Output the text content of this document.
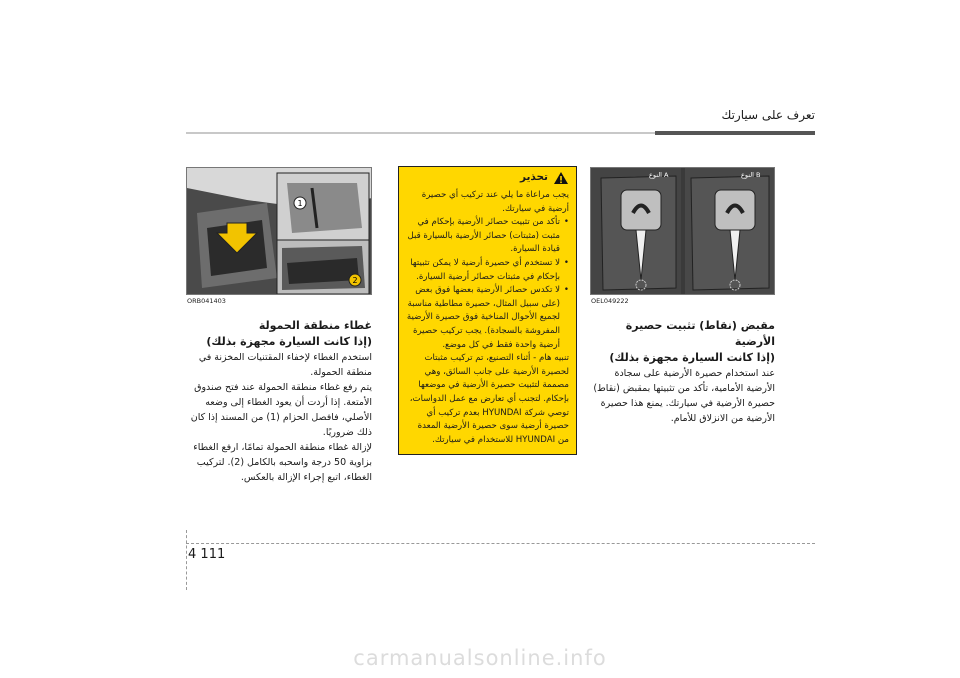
تعرف على سيارتك
1
2
ORB041403

غطاء منطقة الحمولة

(إذا كانت السيارة مجهزة بذلك)

استخدم الغطاء لإخفاء المقتنيات المخزنة في منطقة الحمولة.

يتم رفع غطاء منطقة الحمولة عند فتح صندوق الأمتعة. إذا أردت أن يعود الغطاء إلى وضعه الأصلي، فافصل الحزام (1) من المسند إذا كان ذلك ضروريًا.

لإزالة غطاء منطقة الحمولة تمامًا، ارفع الغطاء بزاوية 50 درجة واسحبه بالكامل (2). لتركيب الغطاء، اتبع إجراء الإزالة بالعكس.

تحذير

يجب مراعاة ما يلي عند تركيب أي حصيرة أرضية في سيارتك.

• تأكد من تثبيت حصائر الأرضية بإحكام في مثبت (مثبتات) حصائر الأرضية بالسيارة قبل قيادة السيارة.
• لا تستخدم أي حصيرة أرضية لا يمكن تثبيتها بإحكام في مثبتات حصائر أرضية السيارة.
• لا تكدس حصائر الأرضية بعضها فوق بعض (على سبيل المثال، حصيرة مطاطية مناسبة لجميع الأحوال المناخية فوق حصيرة الأرضية المفروشة بالسجادة). يجب تركيب حصيرة أرضية واحدة فقط في كل موضع.

تنبيه هام - أثناء التصنيع، تم تركيب مثبتات لحصيرة الأرضية على جانب السائق، وهي مصممة لتثبيت حصيرة الأرضية في موضعها بإحكام. لتجنب أي تعارض مع عمل الدواسات، توصي شركة HYUNDAI بعدم تركيب أي حصيرة أرضية سوى حصيرة الأرضية المعدة من HYUNDAI للاستخدام في سيارتك.

النوع A	النوع B
OEL049222

مقبض (نقاط) تثبيت حصيرة الأرضية

(إذا كانت السيارة مجهزة بذلك)

عند استخدام حصيرة الأرضية على سجادة الأرضية الأمامية، تأكد من تثبيتها بمقبض (نقاط) حصيرة الأرضية في سيارتك. يمنع هذا حصيرة الأرضية من الانزلاق للأمام.

4 111
carmanualsonline.info
